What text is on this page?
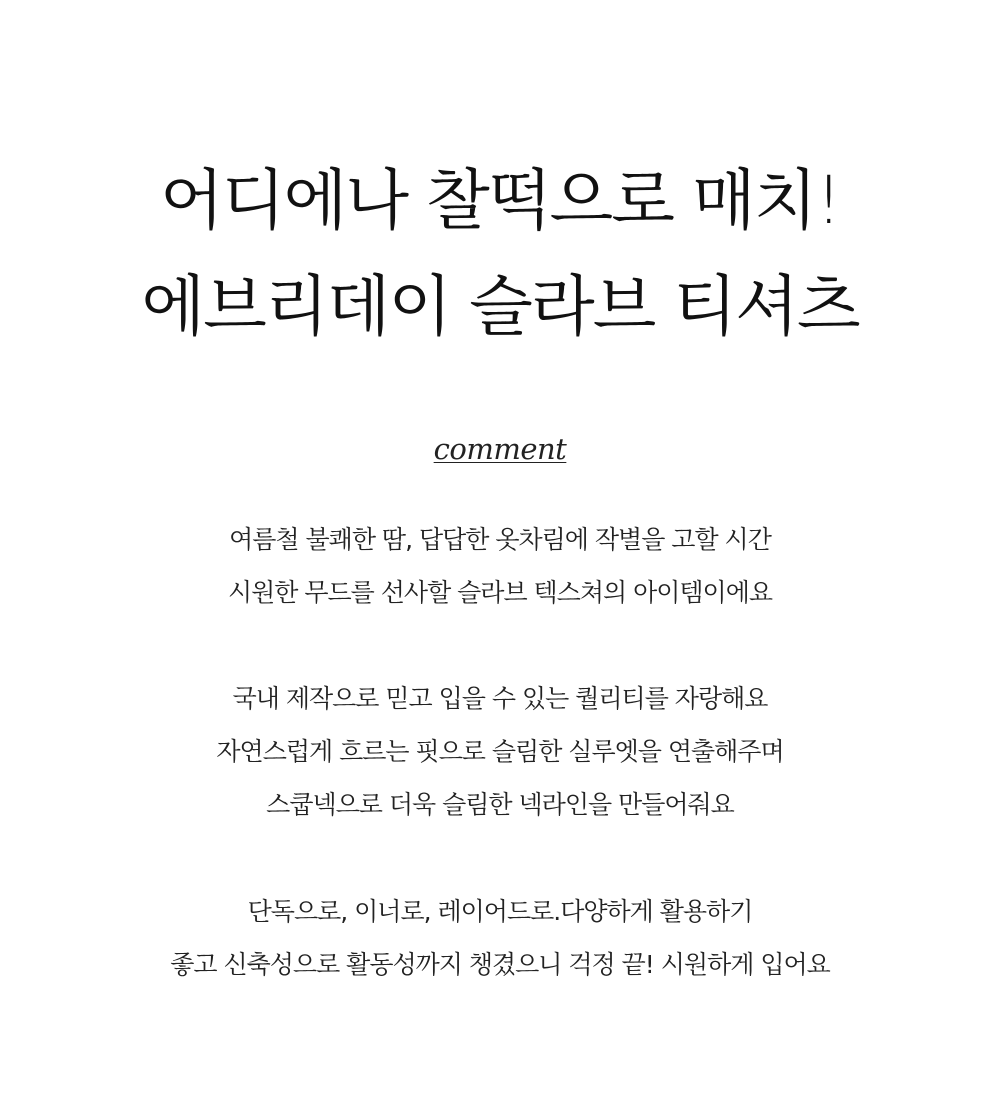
어디에나 찰떡으로 매치!
에브리데이 슬라브 티셔츠
comment
여름철 불쾌한 땀, 답답한 옷차림에 작별을 고할 시간
시원한 무드를 선사할 슬라브 텍스쳐의 아이템이에요
국내 제작으로 믿고 입을 수 있는 퀄리티를 자랑해요
자연스럽게 흐르는 핏으로 슬림한 실루엣을 연출해주며
스쿱넥으로 더욱 슬림한 넥라인을 만들어줘요
단독으로, 이너로, 레이어드로.다양하게 활용하기
좋고 신축성으로 활동성까지 챙겼으니 걱정 끝! 시원하게 입어요
